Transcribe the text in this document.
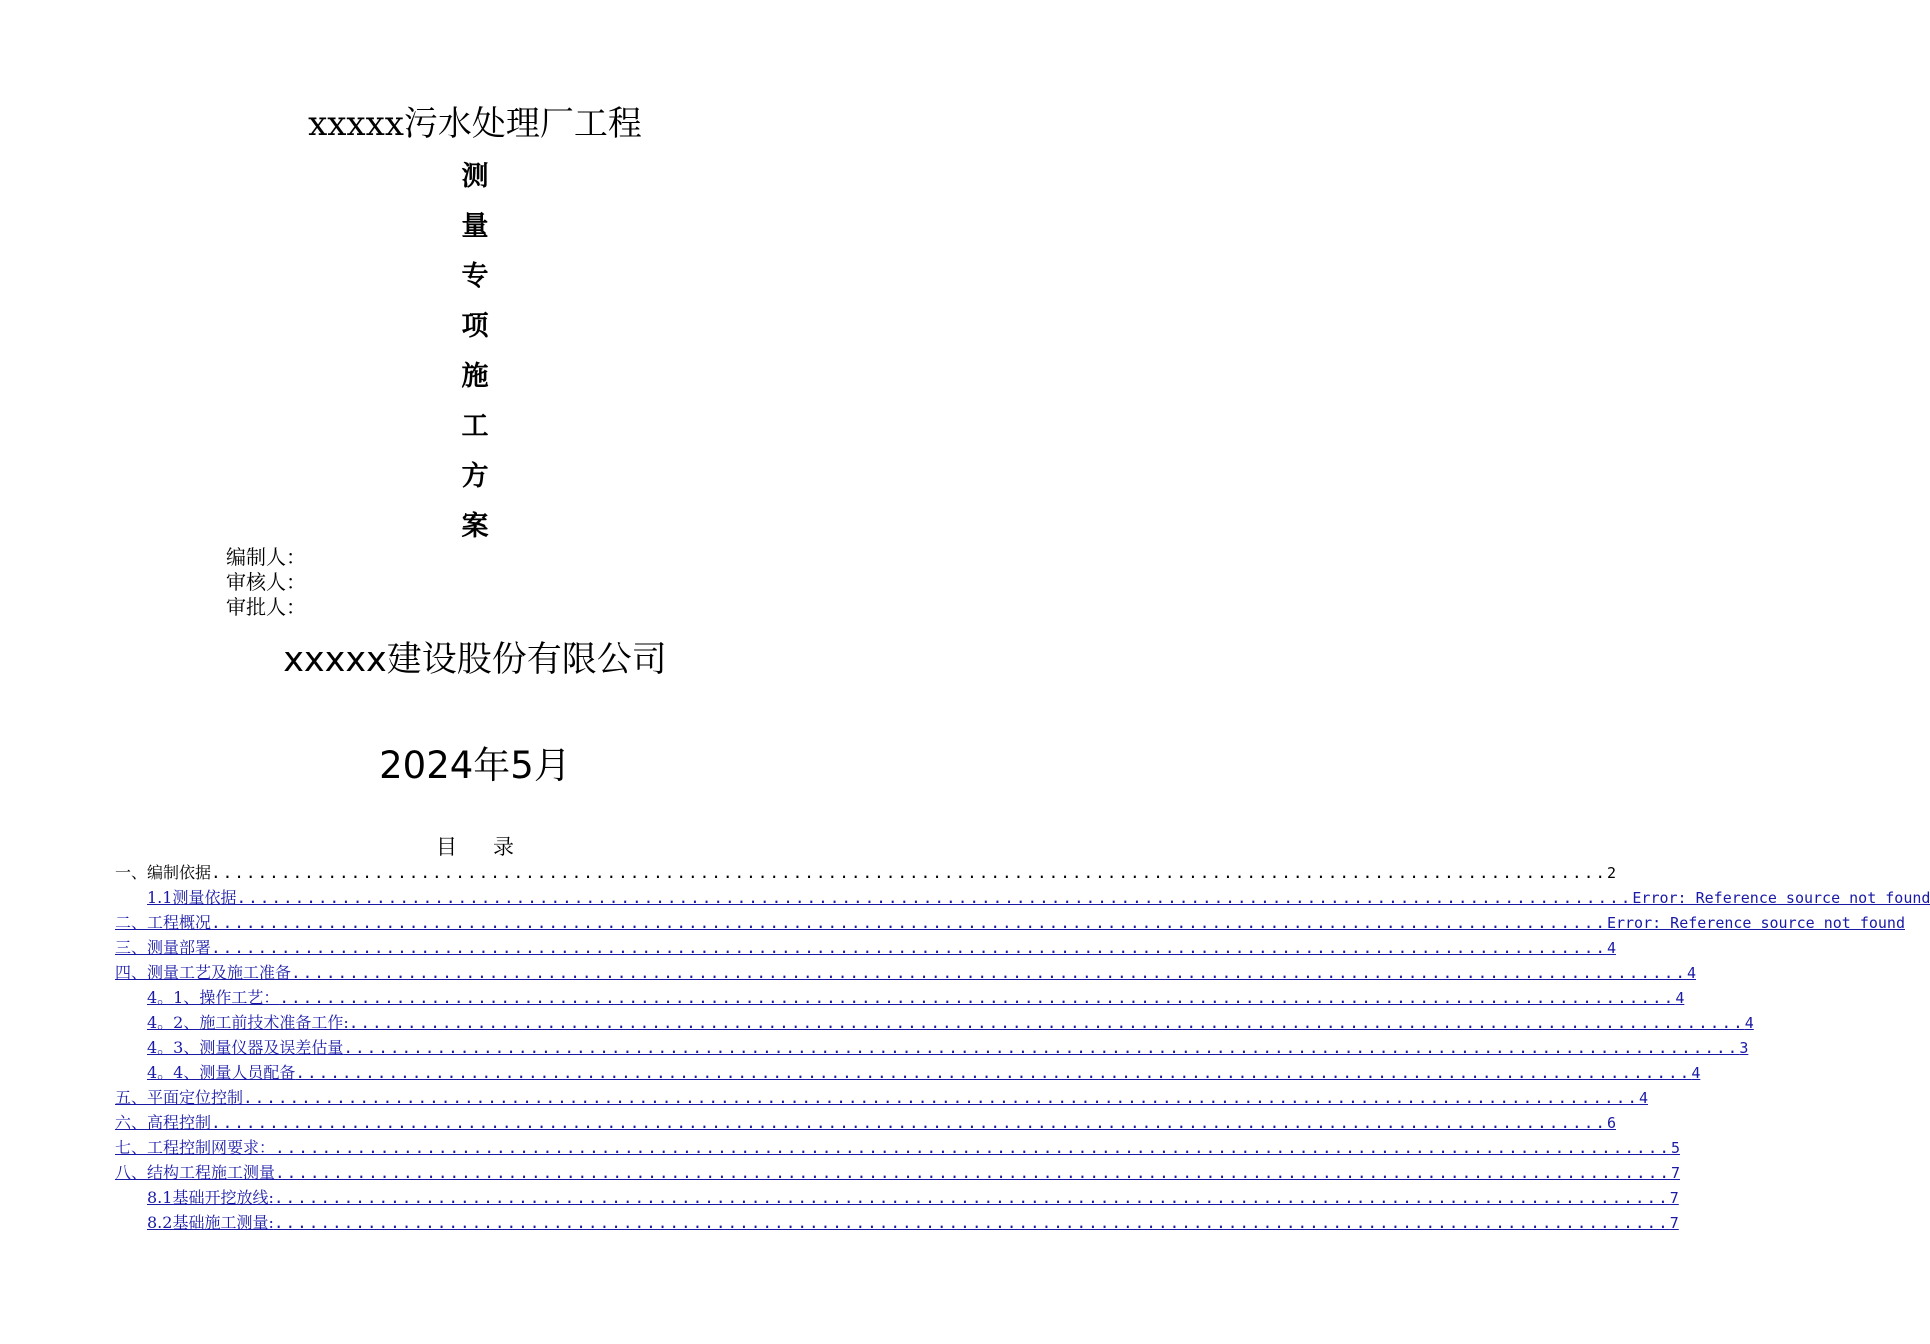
xxxxx污水处理厂工程
测
量
专
项
施
工
方
案
编制人：
审核人：
审批人：
xxxxx建设股份有限公司
2024年5月
目录
一、编制依据 ........................................................................................................................ 2
1.1测量依据 ........................................................................................................................ Error: Reference source not found
二、工程概况 ........................................................................................................................ Error: Reference source not found
三、测量部署 ........................................................................................................................ 4
四、测量工艺及施工准备 ........................................................................................................................ 4
4。1、操作工艺： ........................................................................................................................ 4
4。2、施工前技术准备工作: ........................................................................................................................ 4
4。3、测量仪器及误差估量 ........................................................................................................................ 3
4。4、测量人员配备 ........................................................................................................................ 4
五、平面定位控制 ........................................................................................................................ 4
六、高程控制 ........................................................................................................................ 6
七、工程控制网要求： ........................................................................................................................ 5
八、结构工程施工测量 ........................................................................................................................ 7
8.1基础开挖放线: ........................................................................................................................ 7
8.2基础施工测量: ........................................................................................................................ 7
